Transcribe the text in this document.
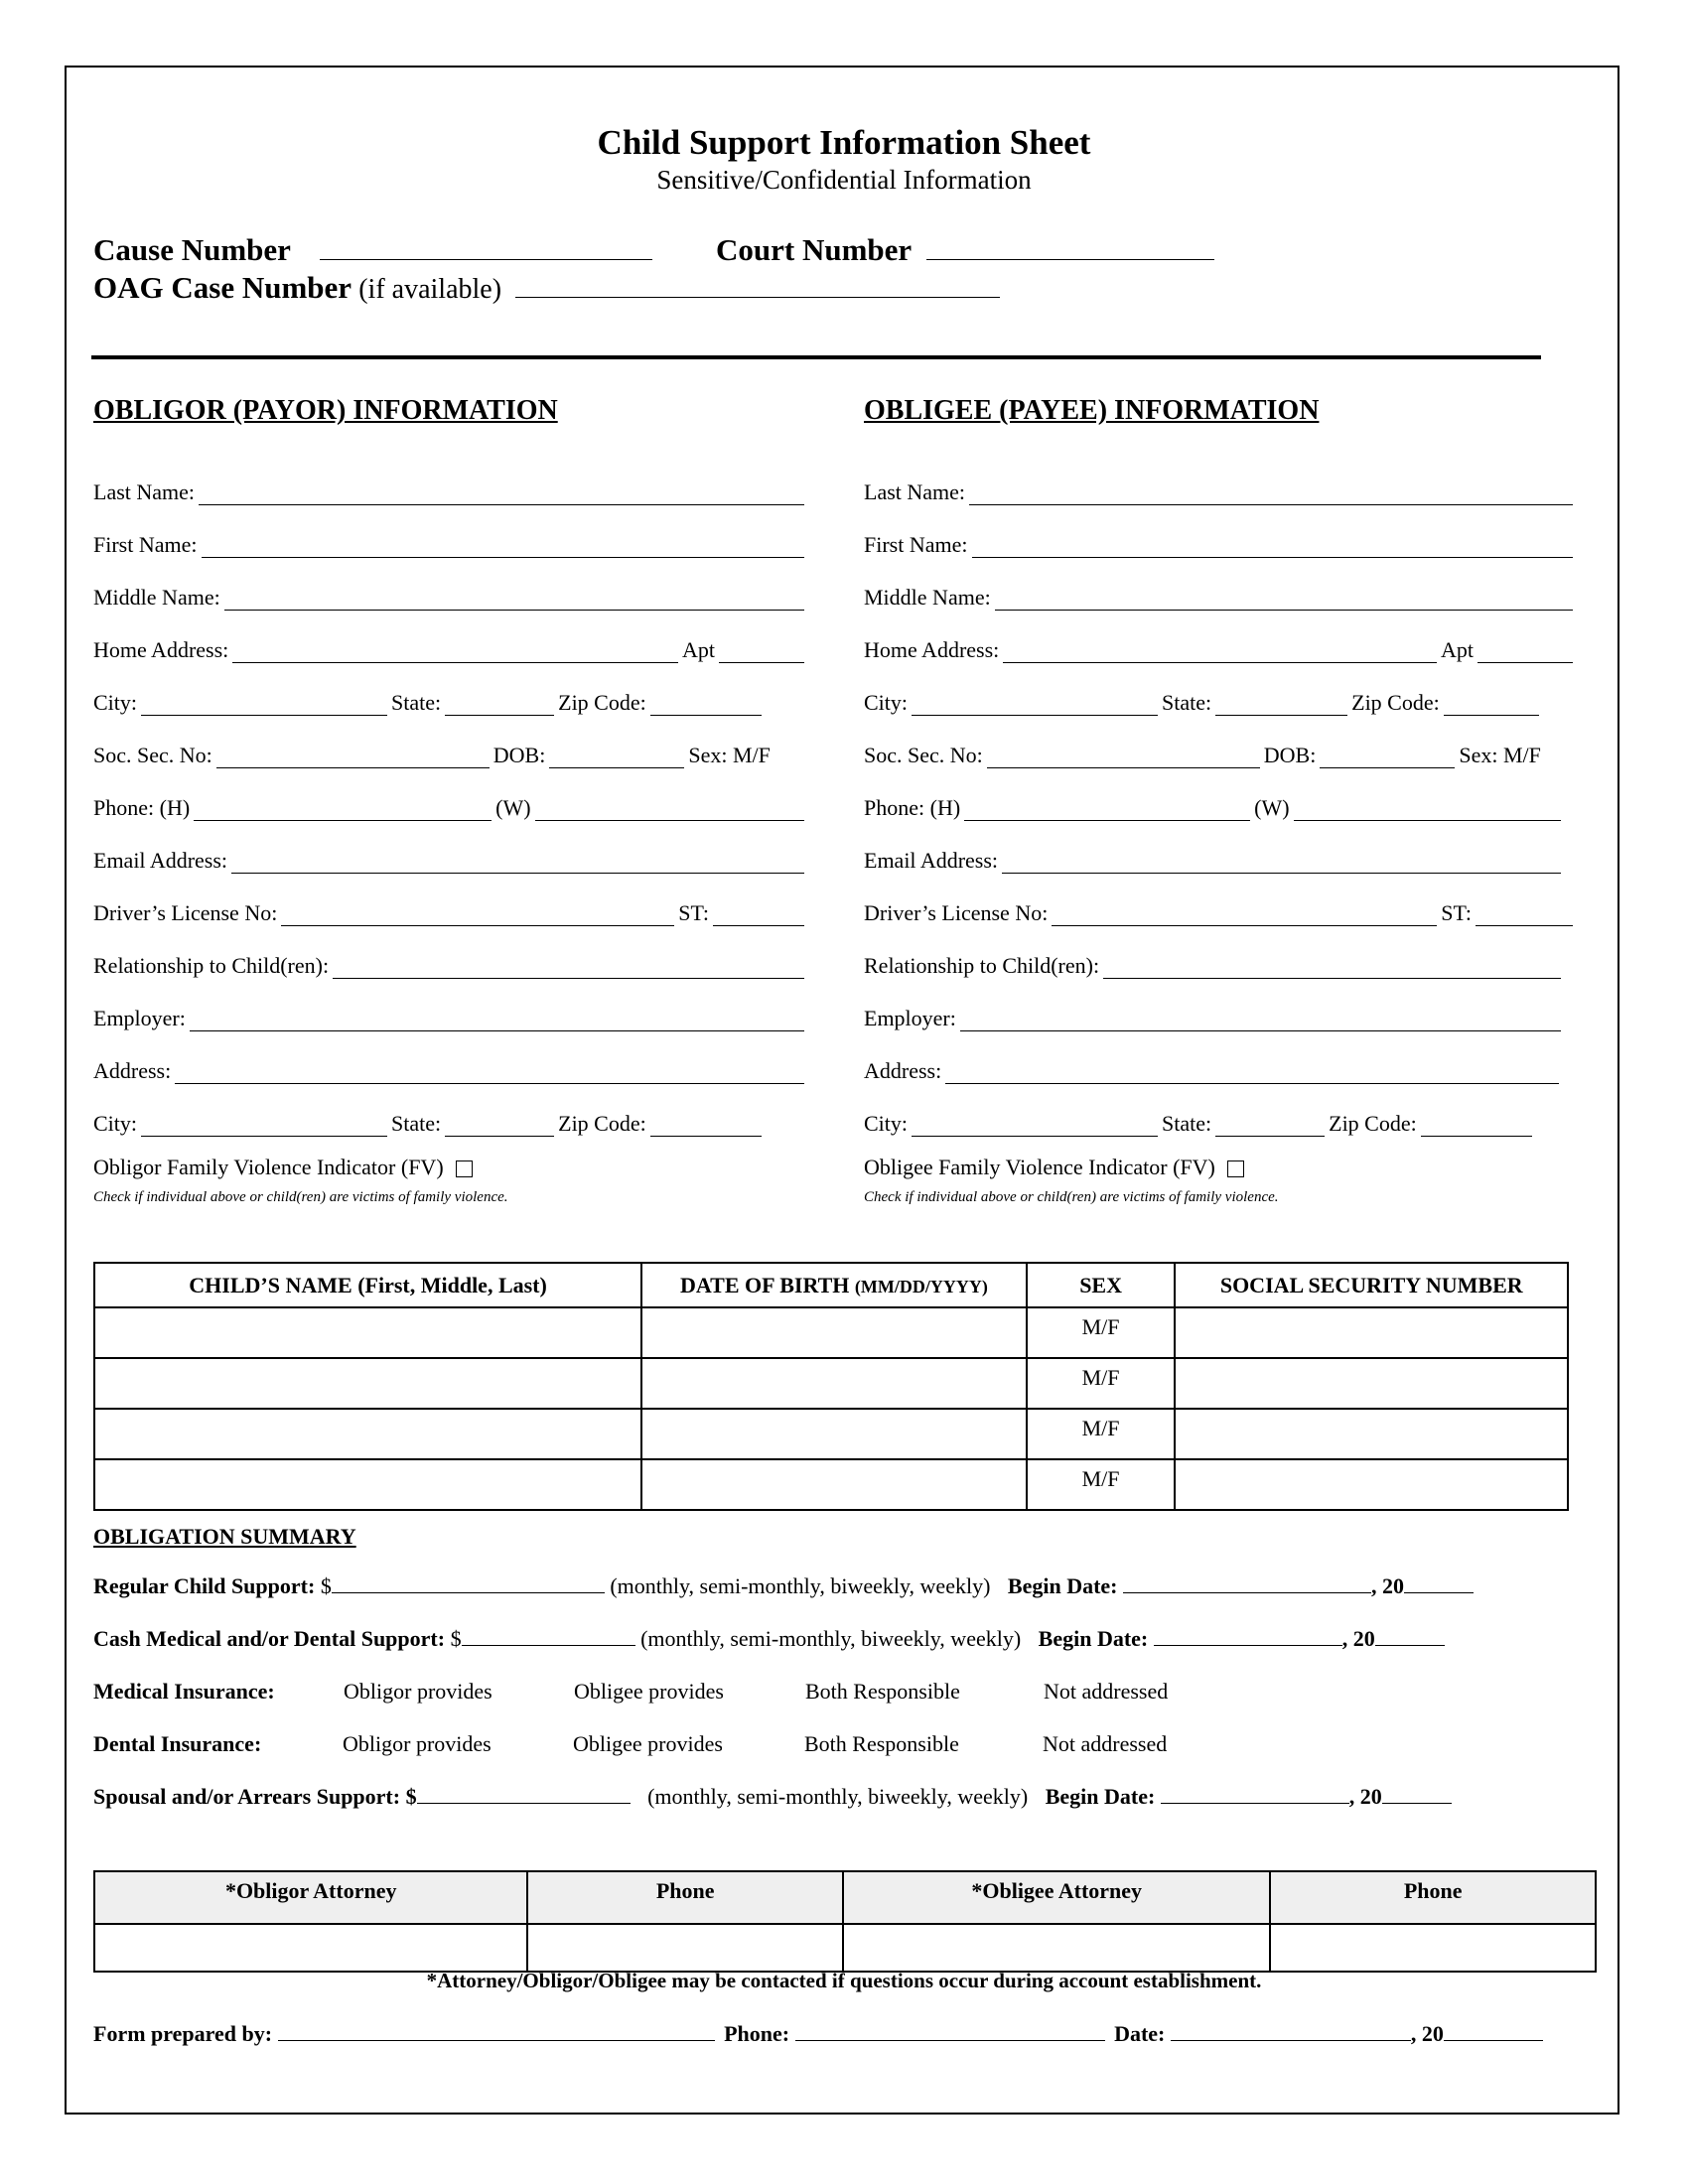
Child Support Information Sheet
Sensitive/Confidential Information
Cause Number	Court Number
OAG Case Number (if available)
OBLIGOR (PAYOR) INFORMATION	OBLIGEE (PAYEE) INFORMATION
Last Name:
First Name:
Middle Name:
Home Address:	Apt
City:	State:	Zip Code:
Soc. Sec. No:	DOB:	Sex: M/F
Phone: (H)	(W)
Email Address:
Driver’s License No:	ST:
Relationship to Child(ren):
Employer:
Address:
City:	State:	Zip Code:
Obligor Family Violence Indicator (FV)
Check if individual above or child(ren) are victims of family violence.
Last Name:
First Name:
Middle Name:
Home Address:	Apt
City:	State:	Zip Code:
Soc. Sec. No:	DOB:	Sex: M/F
Phone: (H)	(W)
Email Address:
Driver’s License No:	ST:
Relationship to Child(ren):
Employer:
Address:
City:	State:	Zip Code:
Obligee Family Violence Indicator (FV)
Check if individual above or child(ren) are victims of family violence.
CHILD’S NAME (First, Middle, Last)	DATE OF BIRTH (MM/DD/YYYY)	SEX	SOCIAL SECURITY NUMBER
		M/F	
		M/F	
		M/F	
		M/F	
OBLIGATION SUMMARY
Regular Child Support: $	(monthly, semi-monthly, biweekly, weekly) Begin Date:	, 20
Cash Medical and/or Dental Support: $	(monthly, semi-monthly, biweekly, weekly) Begin Date:	, 20
Medical Insurance:	Obligor provides	Obligee provides	Both Responsible	Not addressed
Dental Insurance:	Obligor provides	Obligee provides	Both Responsible	Not addressed
Spousal and/or Arrears Support: $	(monthly, semi-monthly, biweekly, weekly) Begin Date:	, 20
*Obligor Attorney	Phone	*Obligee Attorney	Phone

*Attorney/Obligor/Obligee may be contacted if questions occur during account establishment.
Form prepared by:	Phone:	Date:	, 20
